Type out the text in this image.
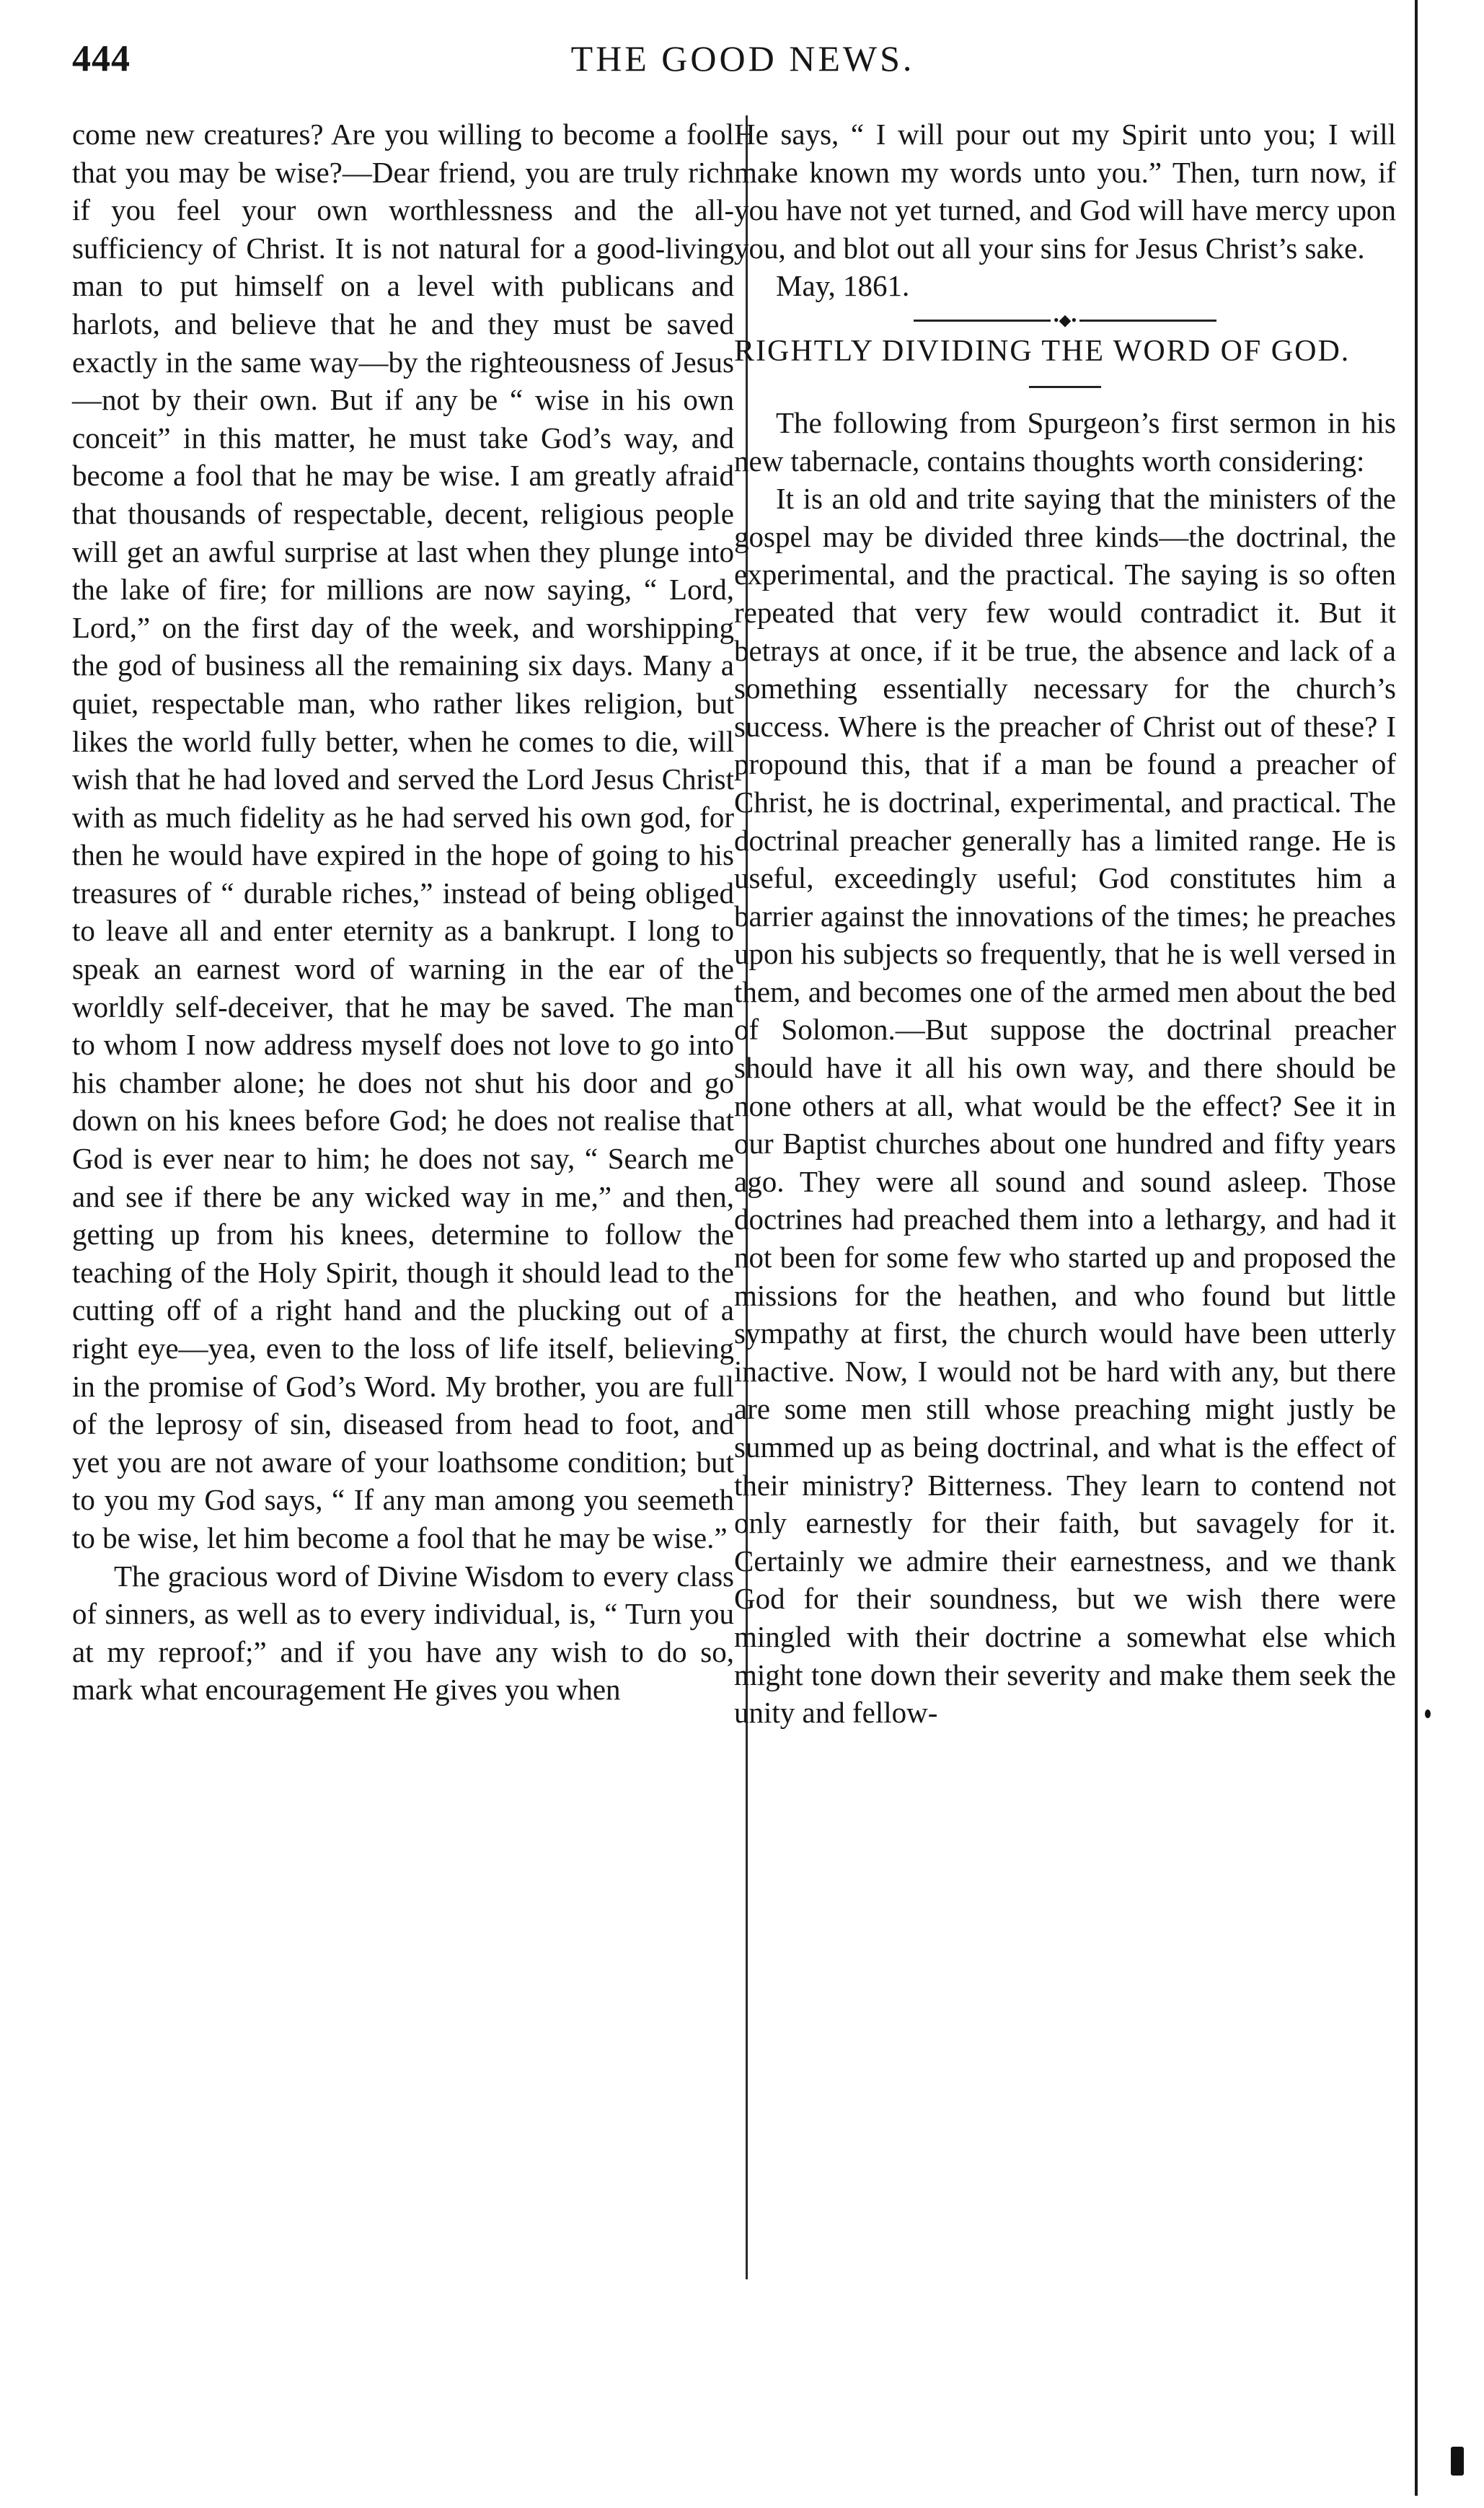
444	THE GOOD NEWS.

come new creatures? Are you willing to become a fool that you may be wise?—Dear friend, you are truly rich if you feel your own worthlessness and the all-sufficiency of Christ. It is not natural for a good-living man to put himself on a level with publicans and harlots, and believe that he and they must be saved exactly in the same way—by the righteousness of Jesus—not by their own. But if any be “ wise in his own conceit” in this matter, he must take God’s way, and become a fool that he may be wise. I am greatly afraid that thousands of respectable, decent, religious people will get an awful surprise at last when they plunge into the lake of fire; for millions are now saying, “ Lord, Lord,” on the first day of the week, and worshipping the god of business all the remaining six days. Many a quiet, respectable man, who rather likes religion, but likes the world fully better, when he comes to die, will wish that he had loved and served the Lord Jesus Christ with as much fidelity as he had served his own god, for then he would have expired in the hope of going to his treasures of “ durable riches,” instead of being obliged to leave all and enter eternity as a bankrupt. I long to speak an earnest word of warning in the ear of the worldly self-deceiver, that he may be saved. The man to whom I now address myself does not love to go into his chamber alone; he does not shut his door and go down on his knees before God; he does not realise that God is ever near to him; he does not say, “ Search me and see if there be any wicked way in me,” and then, getting up from his knees, determine to follow the teaching of the Holy Spirit, though it should lead to the cutting off of a right hand and the plucking out of a right eye—yea, even to the loss of life itself, believing in the promise of God’s Word. My brother, you are full of the leprosy of sin, diseased from head to foot, and yet you are not aware of your loathsome condition; but to you my God says, “ If any man among you seemeth to be wise, let him become a fool that he may be wise.”

The gracious word of Divine Wisdom to every class of sinners, as well as to every individual, is, “ Turn you at my reproof;” and if you have any wish to do so, mark what encouragement He gives you when

He says, “ I will pour out my Spirit unto you; I will make known my words unto you.” Then, turn now, if you have not yet turned, and God will have mercy upon you, and blot out all your sins for Jesus Christ’s sake.

May, 1861.

•◆•

RIGHTLY DIVIDING THE WORD OF GOD.

The following from Spurgeon’s first sermon in his new tabernacle, contains thoughts worth considering:

It is an old and trite saying that the ministers of the gospel may be divided three kinds—the doctrinal, the experimental, and the practical. The saying is so often repeated that very few would contradict it. But it betrays at once, if it be true, the absence and lack of a something essentially necessary for the church’s success. Where is the preacher of Christ out of these? I propound this, that if a man be found a preacher of Christ, he is doctrinal, experimental, and practical. The doctrinal preacher generally has a limited range. He is useful, exceedingly useful; God constitutes him a barrier against the innovations of the times; he preaches upon his subjects so frequently, that he is well versed in them, and becomes one of the armed men about the bed of Solomon.—But suppose the doctrinal preacher should have it all his own way, and there should be none others at all, what would be the effect? See it in our Baptist churches about one hundred and fifty years ago. They were all sound and sound asleep. Those doctrines had preached them into a lethargy, and had it not been for some few who started up and proposed the missions for the heathen, and who found but little sympathy at first, the church would have been utterly inactive. Now, I would not be hard with any, but there are some men still whose preaching might justly be summed up as being doctrinal, and what is the effect of their ministry? Bitterness. They learn to contend not only earnestly for their faith, but savagely for it. Certainly we admire their earnestness, and we thank God for their soundness, but we wish there were mingled with their doctrine a somewhat else which might tone down their severity and make them seek the unity and fellow-
